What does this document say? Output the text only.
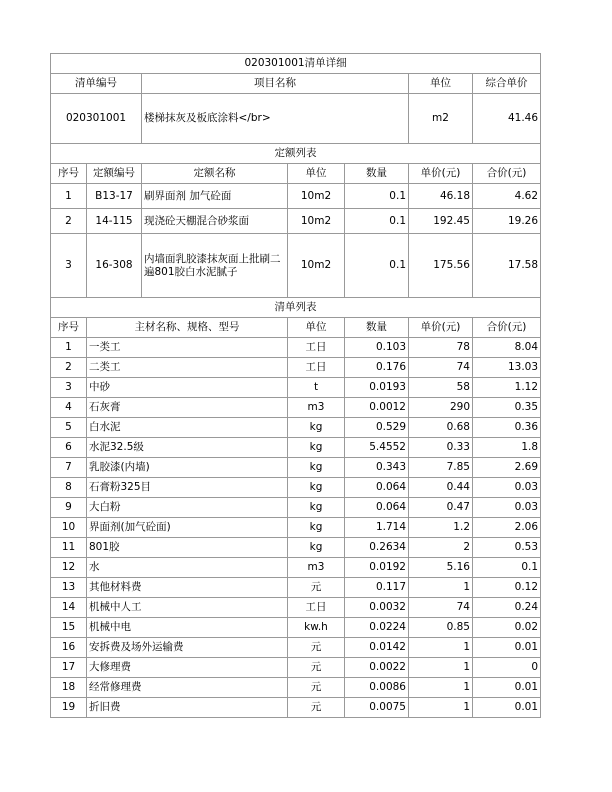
020301001清单详细						
清单编号		项目名称			单位	综合单价
020301001		楼梯抹灰及板底涂料</br>			m2	41.46
定额列表						
序号	定额编号	定额名称	单位	数量	单价(元)	合价(元)
1	B13-17	刷界面剂 加气砼面	10m2	0.1	46.18	4.62
2	14-115	现浇砼天棚混合砂浆面	10m2	0.1	192.45	19.26
3	16-308	内墙面乳胶漆抹灰面上批刷二遍801胶白水泥腻子	10m2	0.1	175.56	17.58
清单列表						
序号	主材名称、规格、型号		单位	数量	单价(元)	合价(元)
1	一类工		工日	0.103	78	8.04
2	二类工		工日	0.176	74	13.03
3	中砂		t	0.0193	58	1.12
4	石灰膏		m3	0.0012	290	0.35
5	白水泥		kg	0.529	0.68	0.36
6	水泥32.5级		kg	5.4552	0.33	1.8
7	乳胶漆(内墙)		kg	0.343	7.85	2.69
8	石膏粉325目		kg	0.064	0.44	0.03
9	大白粉		kg	0.064	0.47	0.03
10	界面剂(加气砼面)		kg	1.714	1.2	2.06
11	801胶		kg	0.2634	2	0.53
12	水		m3	0.0192	5.16	0.1
13	其他材料费		元	0.117	1	0.12
14	机械中人工		工日	0.0032	74	0.24
15	机械中电		kw.h	0.0224	0.85	0.02
16	安拆费及场外运输费		元	0.0142	1	0.01
17	大修理费		元	0.0022	1	0
18	经常修理费		元	0.0086	1	0.01
19	折旧费		元	0.0075	1	0.01
